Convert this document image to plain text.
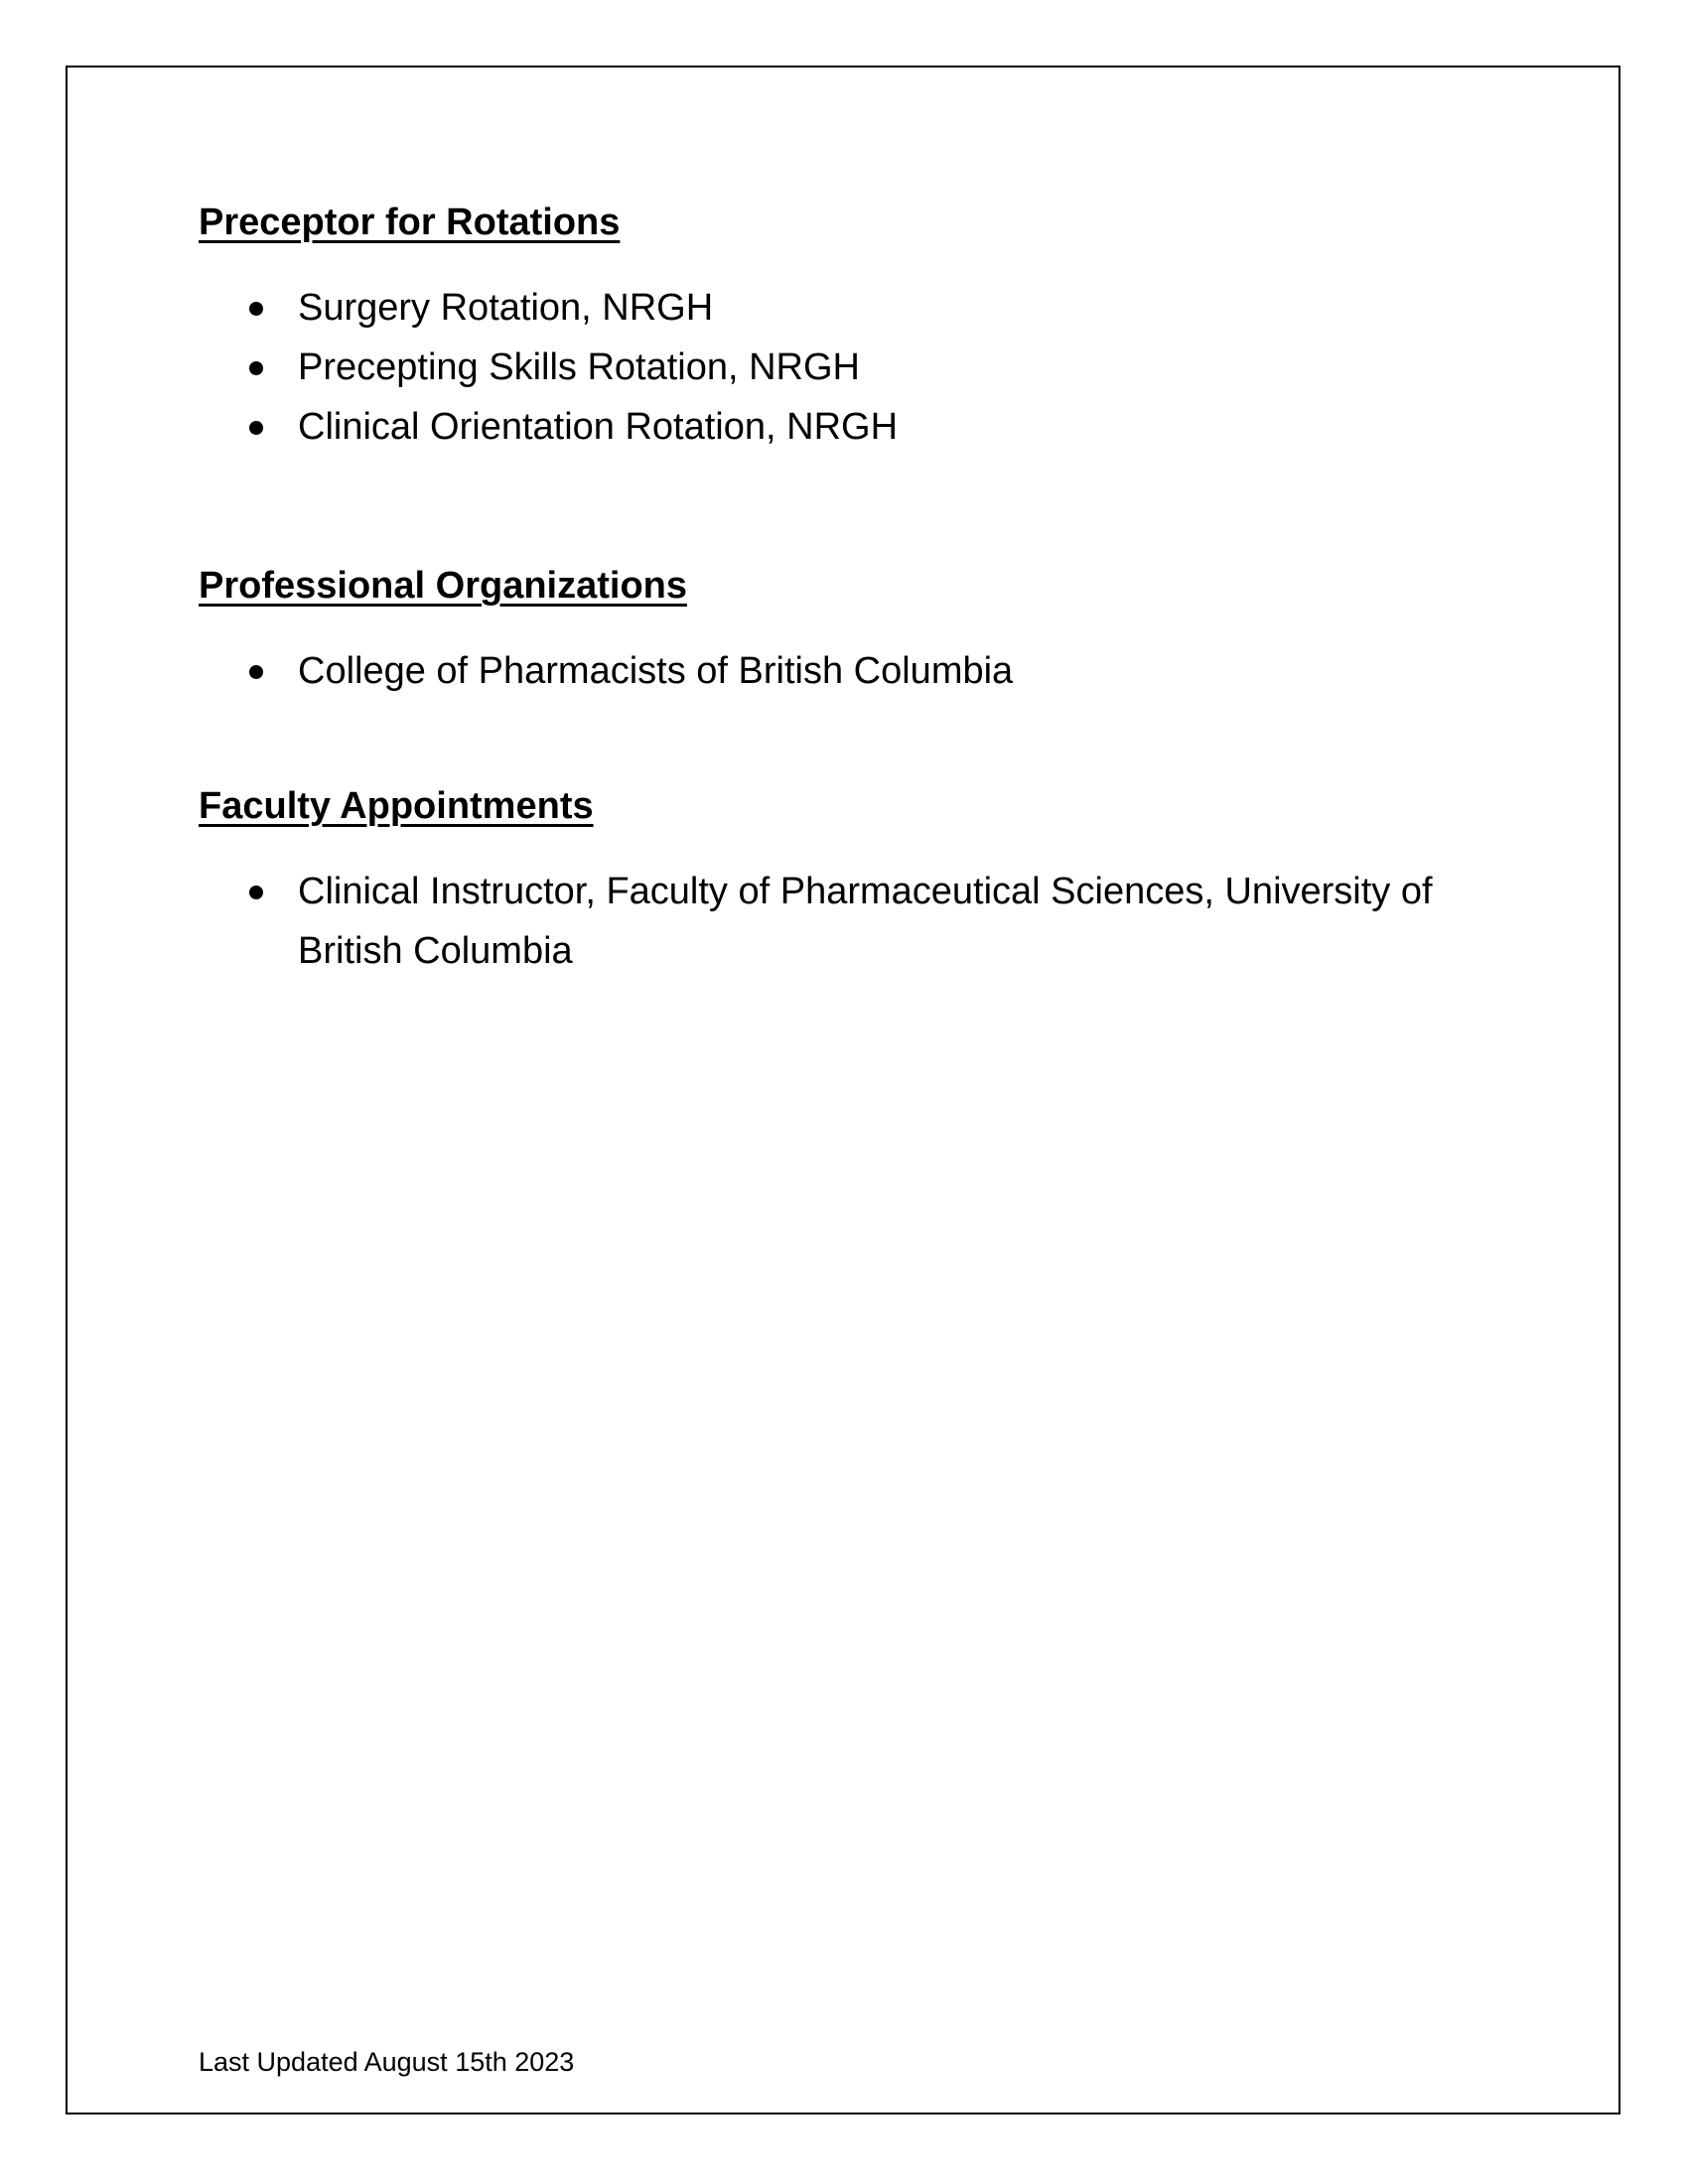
Preceptor for Rotations
Surgery Rotation, NRGH
Precepting Skills Rotation, NRGH
Clinical Orientation Rotation, NRGH
Professional Organizations
College of Pharmacists of British Columbia
Faculty Appointments
Clinical Instructor, Faculty of Pharmaceutical Sciences, University of British Columbia
Last Updated August 15th 2023
